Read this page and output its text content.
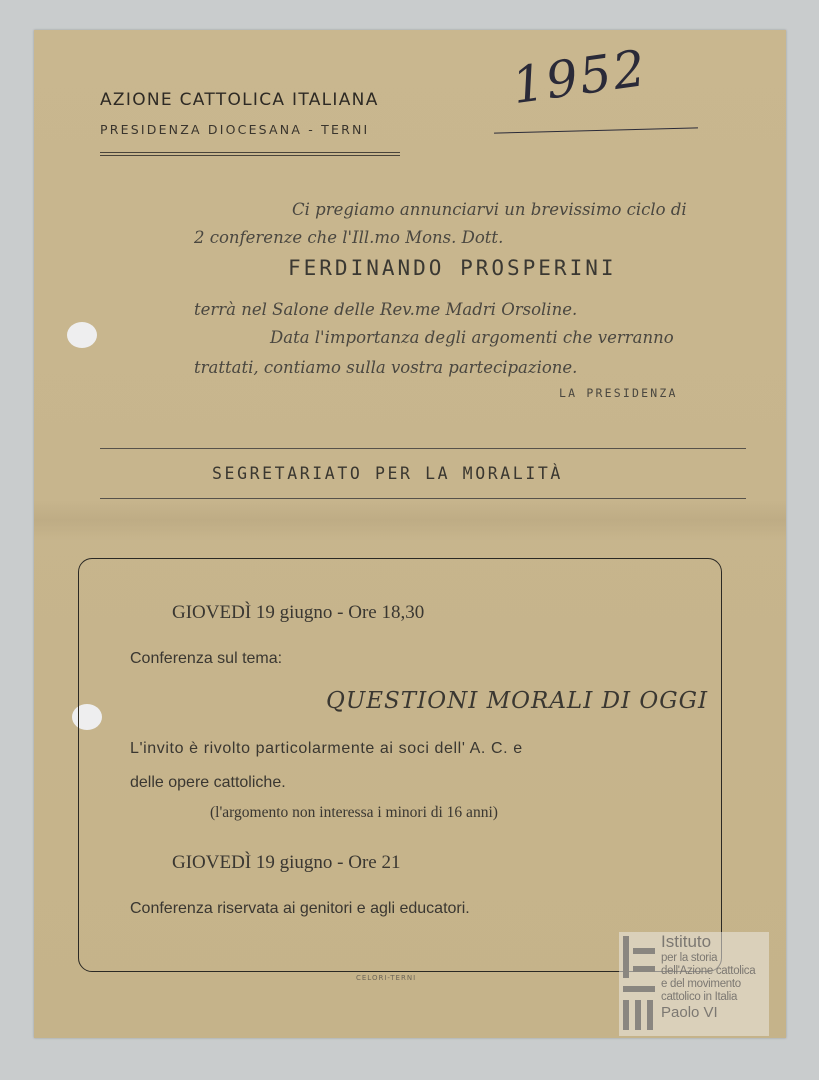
AZIONE CATTOLICA ITALIANA
PRESIDENZA DIOCESANA - TERNI
1952
Ci pregiamo annunciarvi un brevissimo ciclo di
2 conferenze che l'Ill.mo Mons. Dott.
FERDINANDO PROSPERINI
terrà nel Salone delle Rev.me Madri Orsoline.
Data l'importanza degli argomenti che verranno
trattati, contiamo sulla vostra partecipazione.
LA PRESIDENZA
SEGRETARIATO PER LA MORALITÀ
GIOVEDÌ 19 giugno - Ore 18,30
Conferenza sul tema:
QUESTIONI MORALI DI OGGI
L'invito è rivolto particolarmente ai soci dell' A. C. e
delle opere cattoliche.
(l'argomento non interessa i minori di 16 anni)
GIOVEDÌ 19 giugno - Ore 21
Conferenza riservata ai genitori e agli educatori.
CELORI-TERNI
Istituto
per la storia
dell'Azione cattolica
e del movimento
cattolico in Italia
Paolo VI
